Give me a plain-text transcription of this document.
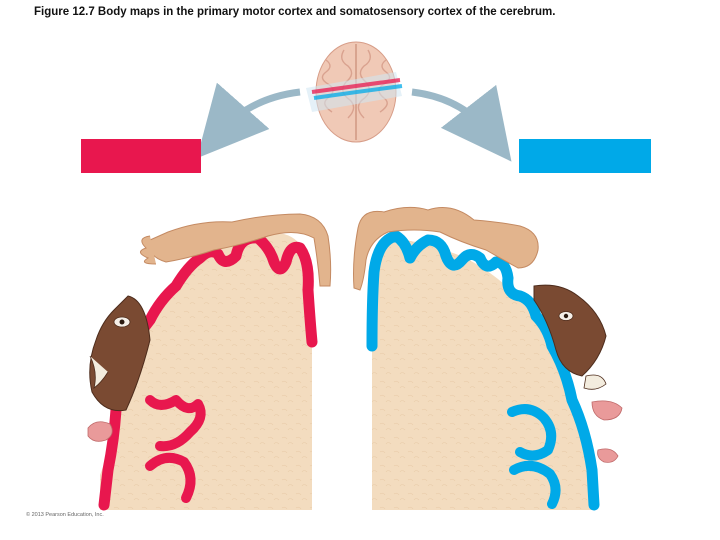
Figure 12.7 Body maps in the primary motor cortex and somatosensory cortex of the cerebrum.
© 2013 Pearson Education, Inc.
